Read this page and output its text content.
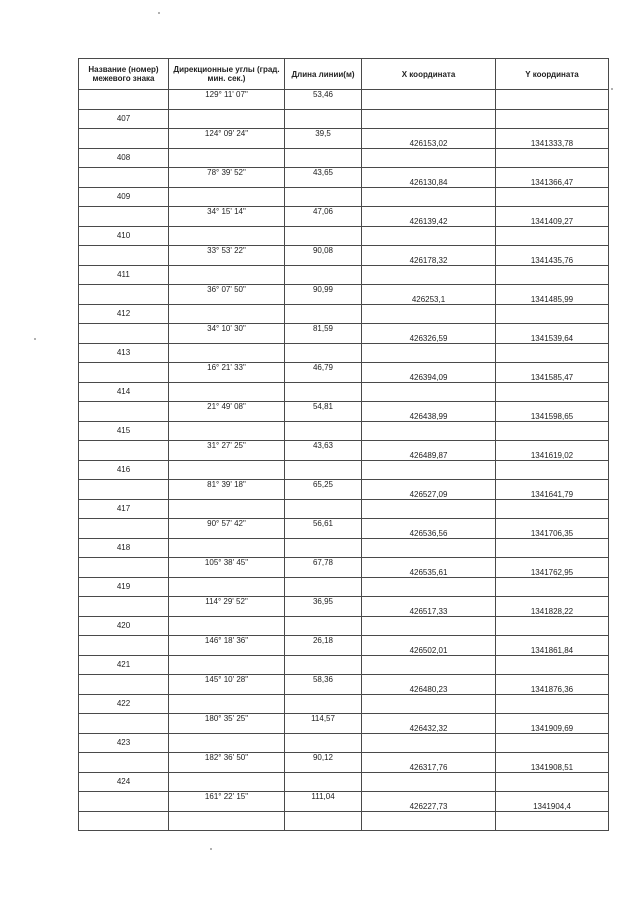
Название (номер) межевого знака	Дирекционные углы (град. мин. сек.)	Длина линии(м)	X координата	Y координата
	129° 11' 07"	53,46		
407				
	124° 09' 24"	39,5	426153,02	1341333,78
408				
	78° 39' 52"	43,65	426130,84	1341366,47
409				
	34° 15' 14"	47,06	426139,42	1341409,27
410				
	33° 53' 22"	90,08	426178,32	1341435,76
411				
	36° 07' 50"	90,99	426253,1	1341485,99
412				
	34° 10' 30"	81,59	426326,59	1341539,64
413				
	16° 21' 33"	46,79	426394,09	1341585,47
414				
	21° 49' 08"	54,81	426438,99	1341598,65
415				
	31° 27' 25"	43,63	426489,87	1341619,02
416				
	81° 39' 18"	65,25	426527,09	1341641,79
417				
	90° 57' 42"	56,61	426536,56	1341706,35
418				
	105° 38' 45"	67,78	426535,61	1341762,95
419				
	114° 29' 52"	36,95	426517,33	1341828,22
420				
	146° 18' 36"	26,18	426502,01	1341861,84
421				
	145° 10' 28"	58,36	426480,23	1341876,36
422				
	180° 35' 25"	114,57	426432,32	1341909,69
423				
	182° 36' 50"	90,12	426317,76	1341908,51
424				
	161° 22' 15"	111,04	426227,73	1341904,4
